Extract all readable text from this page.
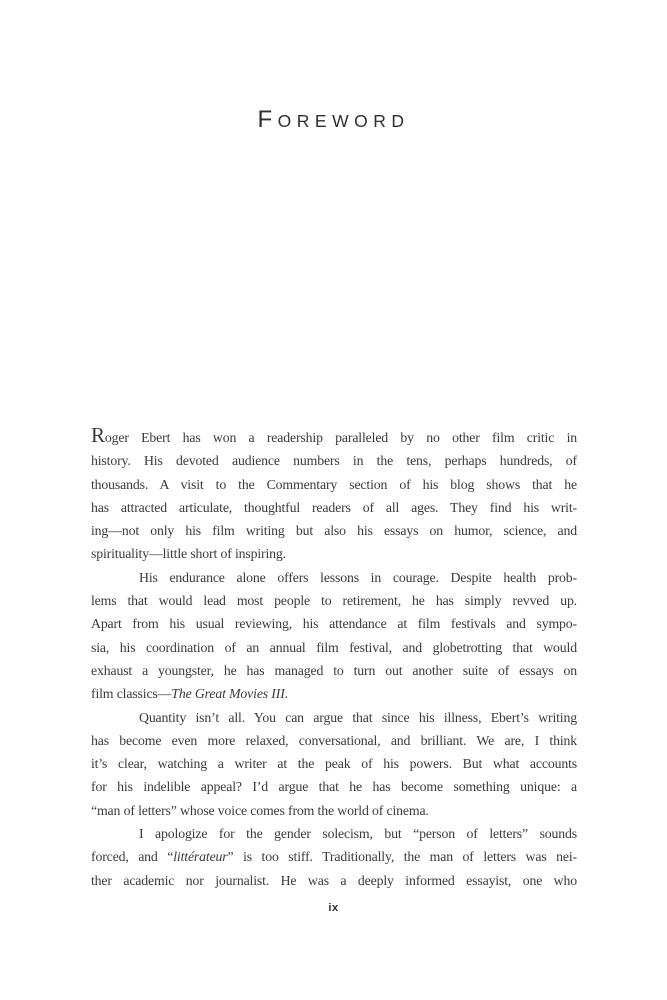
FOREWORD
Roger Ebert has won a readership paralleled by no other film critic in
history. His devoted audience numbers in the tens, perhaps hundreds, of
thousands. A visit to the Commentary section of his blog shows that he
has attracted articulate, thoughtful readers of all ages. They find his writ-
ing—not only his film writing but also his essays on humor, science, and
spirituality—little short of inspiring.
His endurance alone offers lessons in courage. Despite health prob-
lems that would lead most people to retirement, he has simply revved up.
Apart from his usual reviewing, his attendance at film festivals and sympo-
sia, his coordination of an annual film festival, and globetrotting that would
exhaust a youngster, he has managed to turn out another suite of essays on
film classics—The Great Movies III.
Quantity isn’t all. You can argue that since his illness, Ebert’s writing
has become even more relaxed, conversational, and brilliant. We are, I think
it’s clear, watching a writer at the peak of his powers. But what accounts
for his indelible appeal? I’d argue that he has become something unique: a
“man of letters” whose voice comes from the world of cinema.
I apologize for the gender solecism, but “person of letters” sounds
forced, and “littérateur” is too stiff. Traditionally, the man of letters was nei-
ther academic nor journalist. He was a deeply informed essayist, one who
ix
